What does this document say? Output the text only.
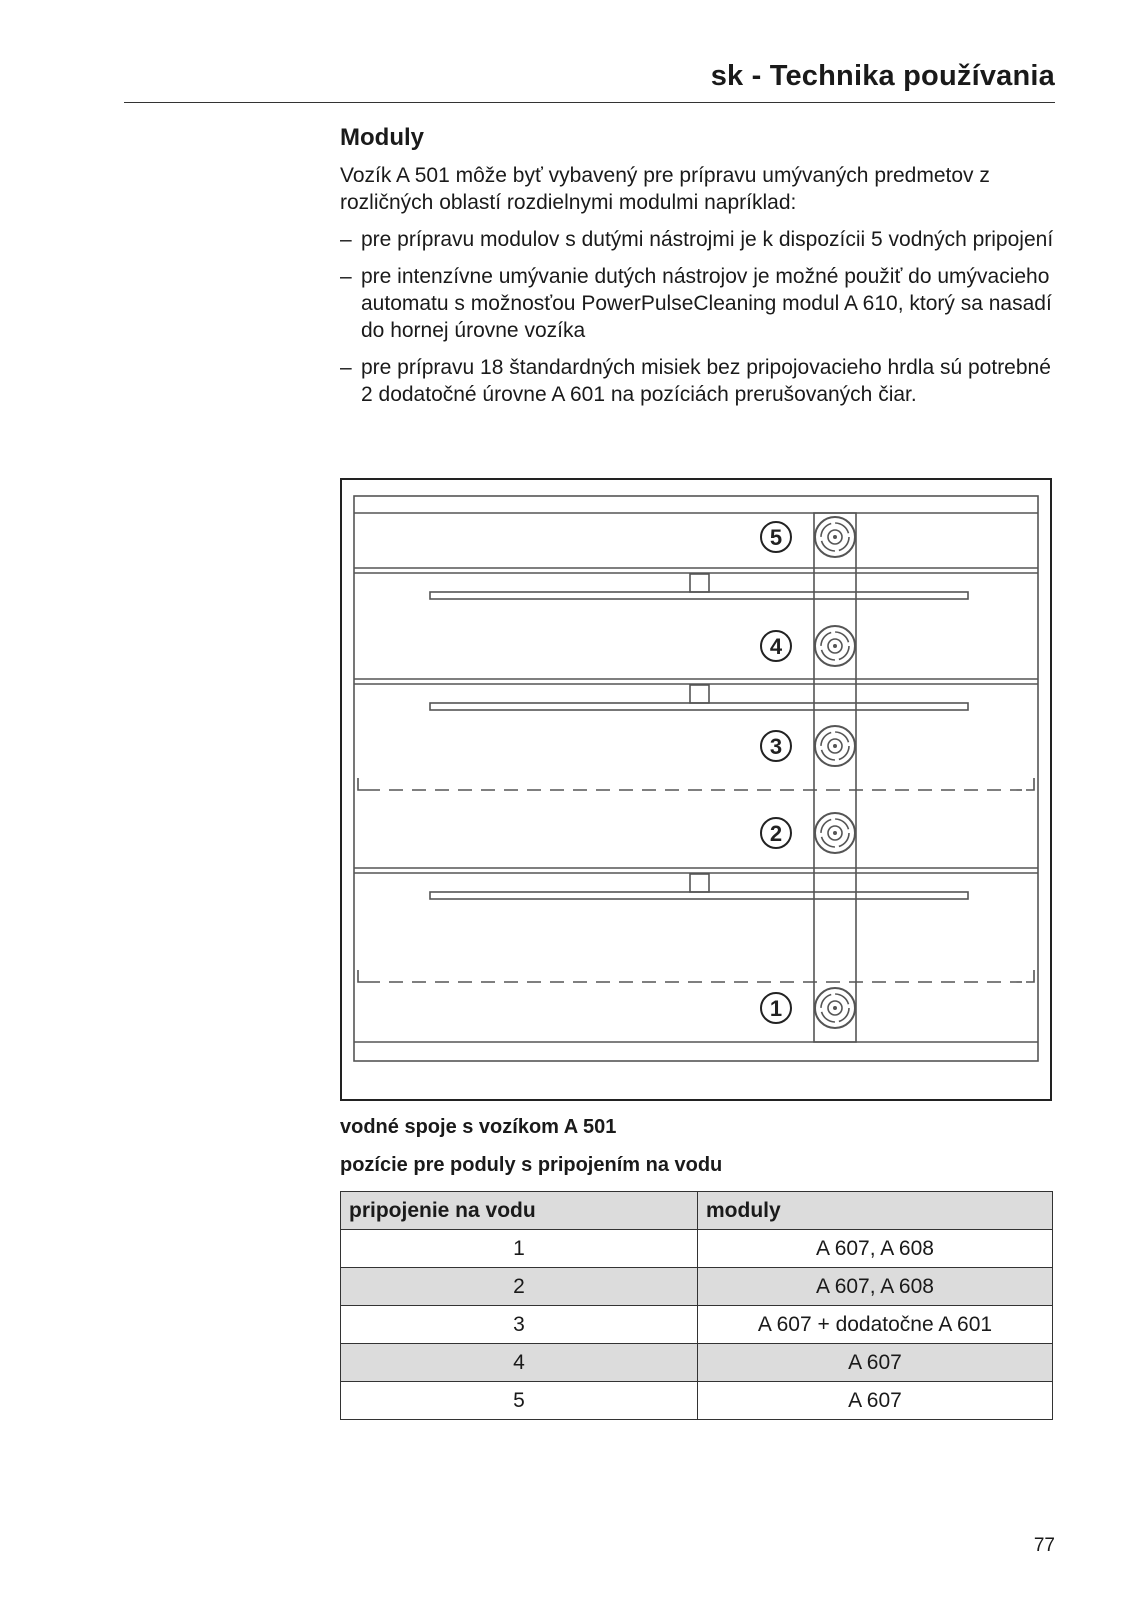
sk - Technika používania
Moduly
Vozík A 501 môže byť vybavený pre prípravu umývaných predmetov z rozličných oblastí rozdielnymi modulmi napríklad:
– pre prípravu modulov s dutými nástrojmi je k dispozícii 5 vodných pripojení
– pre intenzívne umývanie dutých nástrojov je možné použiť do umývacieho automatu s možnosťou PowerPulseCleaning modul A 610, ktorý sa nasadí do hornej úrovne vozíka
– pre prípravu 18 štandardných misiek bez pripojovacieho hrdla sú potrebné 2 dodatočné úrovne A 601 na pozíciách prerušovaných čiar.
1
2
3
4
5
vodné spoje s vozíkom A 501
pozície pre poduly s pripojením na vodu
pripojenie na vodu	moduly
1	A 607, A 608
2	A 607, A 608
3	A 607 + dodatočne A 601
4	A 607
5	A 607
77
